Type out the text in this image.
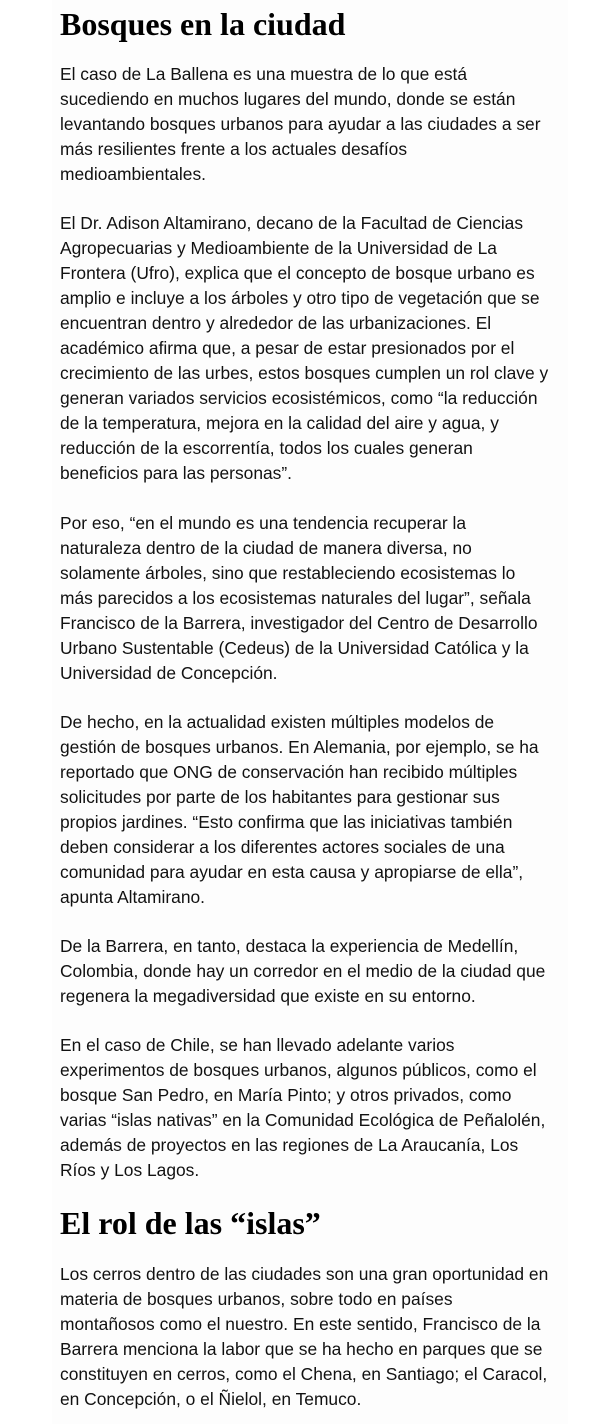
Bosques en la ciudad

El caso de La Ballena es una muestra de lo que está
sucediendo en muchos lugares del mundo, donde se están
levantando bosques urbanos para ayudar a las ciudades a ser
más resilientes frente a los actuales desafíos
medioambientales.

El Dr. Adison Altamirano, decano de la Facultad de Ciencias
Agropecuarias y Medioambiente de la Universidad de La
Frontera (Ufro), explica que el concepto de bosque urbano es
amplio e incluye a los árboles y otro tipo de vegetación que se
encuentran dentro y alrededor de las urbanizaciones. El
académico afirma que, a pesar de estar presionados por el
crecimiento de las urbes, estos bosques cumplen un rol clave y
generan variados servicios ecosistémicos, como “la reducción
de la temperatura, mejora en la calidad del aire y agua, y
reducción de la escorrentía, todos los cuales generan
beneficios para las personas”.

Por eso, “en el mundo es una tendencia recuperar la
naturaleza dentro de la ciudad de manera diversa, no
solamente árboles, sino que restableciendo ecosistemas lo
más parecidos a los ecosistemas naturales del lugar”, señala
Francisco de la Barrera, investigador del Centro de Desarrollo
Urbano Sustentable (Cedeus) de la Universidad Católica y la
Universidad de Concepción.

De hecho, en la actualidad existen múltiples modelos de
gestión de bosques urbanos. En Alemania, por ejemplo, se ha
reportado que ONG de conservación han recibido múltiples
solicitudes por parte de los habitantes para gestionar sus
propios jardines. “Esto confirma que las iniciativas también
deben considerar a los diferentes actores sociales de una
comunidad para ayudar en esta causa y apropiarse de ella”,
apunta Altamirano.

De la Barrera, en tanto, destaca la experiencia de Medellín,
Colombia, donde hay un corredor en el medio de la ciudad que
regenera la megadiversidad que existe en su entorno.

En el caso de Chile, se han llevado adelante varios
experimentos de bosques urbanos, algunos públicos, como el
bosque San Pedro, en María Pinto; y otros privados, como
varias “islas nativas” en la Comunidad Ecológica de Peñalolén,
además de proyectos en las regiones de La Araucanía, Los
Ríos y Los Lagos.

El rol de las “islas”

Los cerros dentro de las ciudades son una gran oportunidad en
materia de bosques urbanos, sobre todo en países
montañosos como el nuestro. En este sentido, Francisco de la
Barrera menciona la labor que se ha hecho en parques que se
constituyen en cerros, como el Chena, en Santiago; el Caracol,
en Concepción, o el Ñielol, en Temuco.
